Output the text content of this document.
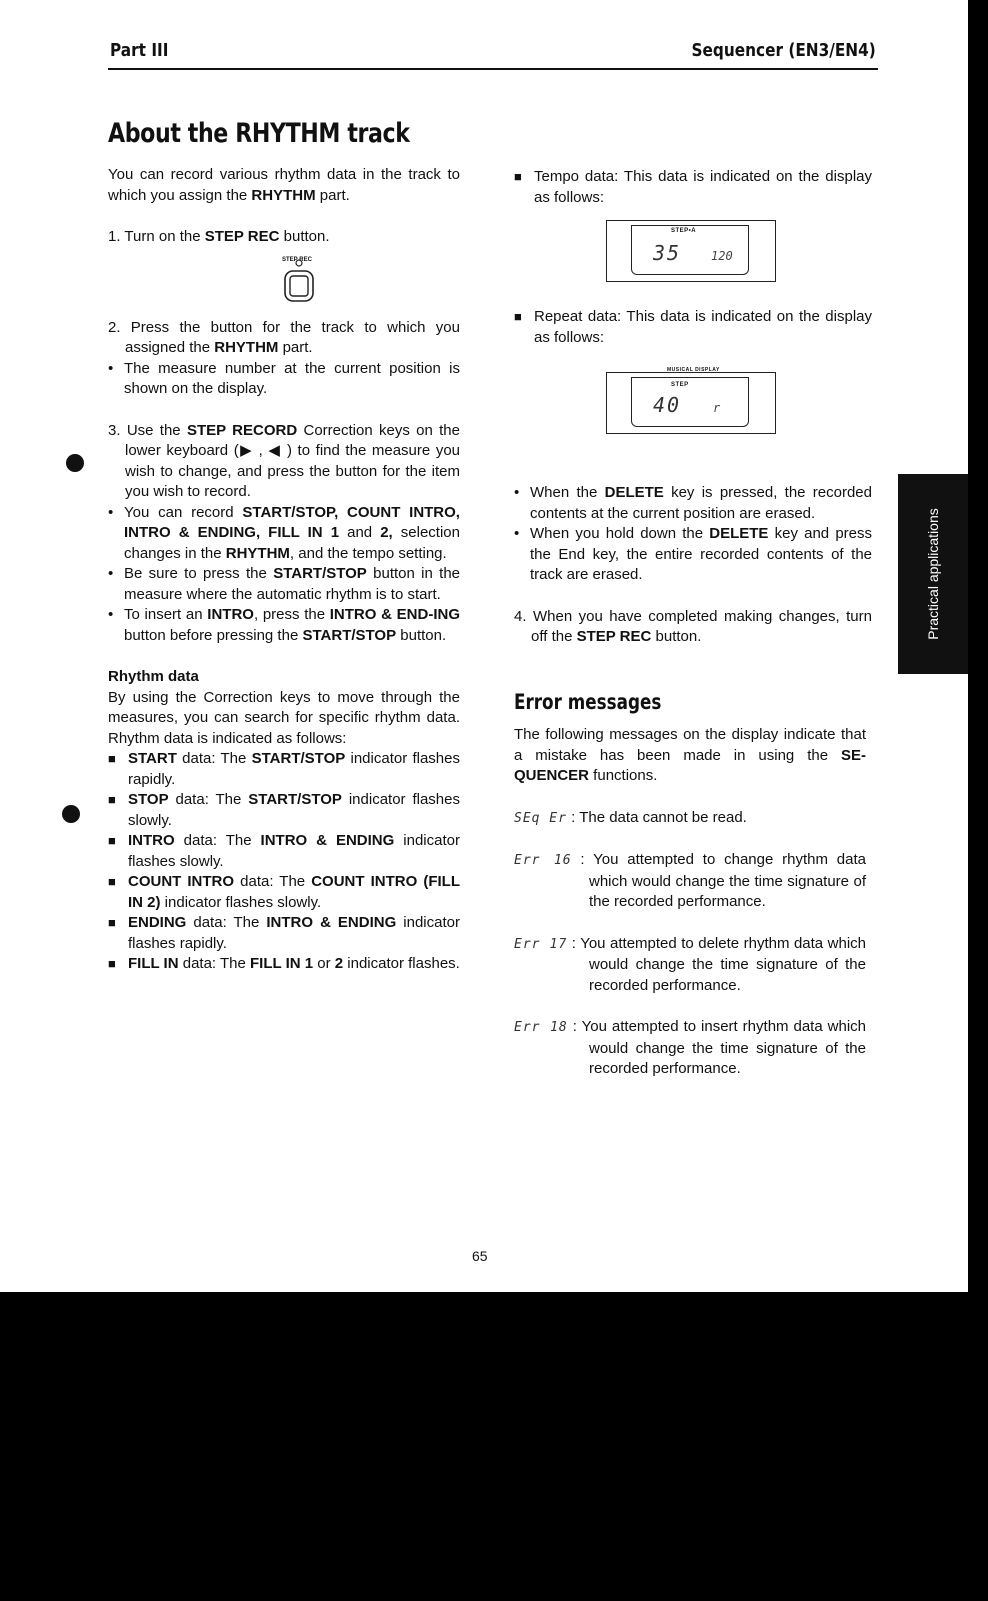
Part III	Sequencer (EN3/EN4)
About the RHYTHM track

You can record various rhythm data in the track to which you assign the RHYTHM part.

1. Turn on the STEP REC button.

STEP REC

2. Press the button for the track to which you assigned the RHYTHM part.

• The measure number at the current position is shown on the display.

3. Use the STEP RECORD Correction keys on the lower keyboard (▶ , ◀ ) to find the measure you wish to change, and press the button for the item you wish to record.

• You can record START/STOP, COUNT INTRO, INTRO & ENDING, FILL IN 1 and 2, selection changes in the RHYTHM, and the tempo setting.

• Be sure to press the START/STOP button in the measure where the automatic rhythm is to start.

• To insert an INTRO, press the INTRO & END-ING button before pressing the START/STOP button.

Rhythm data

By using the Correction keys to move through the measures, you can search for specific rhythm data. Rhythm data is indicated as follows:

■ START data: The START/STOP indicator flashes rapidly.

■ STOP data: The START/STOP indicator flashes slowly.

■ INTRO data: The INTRO & ENDING indicator flashes slowly.

■ COUNT INTRO data: The COUNT INTRO (FILL IN 2) indicator flashes slowly.

■ ENDING data: The INTRO & ENDING indicator flashes rapidly.

■ FILL IN data: The FILL IN 1 or 2 indicator flashes.

■ Tempo data: This data is indicated on the display as follows:

STEP•A
35 120

■ Repeat data: This data is indicated on the display as follows:

MUSICAL DISPLAY
STEP
40	r

• When the DELETE key is pressed, the recorded contents at the current position are erased.

• When you hold down the DELETE key and press the End key, the entire recorded contents of the track are erased.

4. When you have completed making changes, turn off the STEP REC button.

Error messages

The following messages on the display indicate that a mistake has been made in using the SE-QUENCER functions.

SEq Er : The data cannot be read.

Err 16 : You attempted to change rhythm data which would change the time signature of the recorded performance.

Err 17 : You attempted to delete rhythm data which would change the time signature of the recorded performance.

Err 18 : You attempted to insert rhythm data which would change the time signature of the recorded performance.

Practical applications
65
